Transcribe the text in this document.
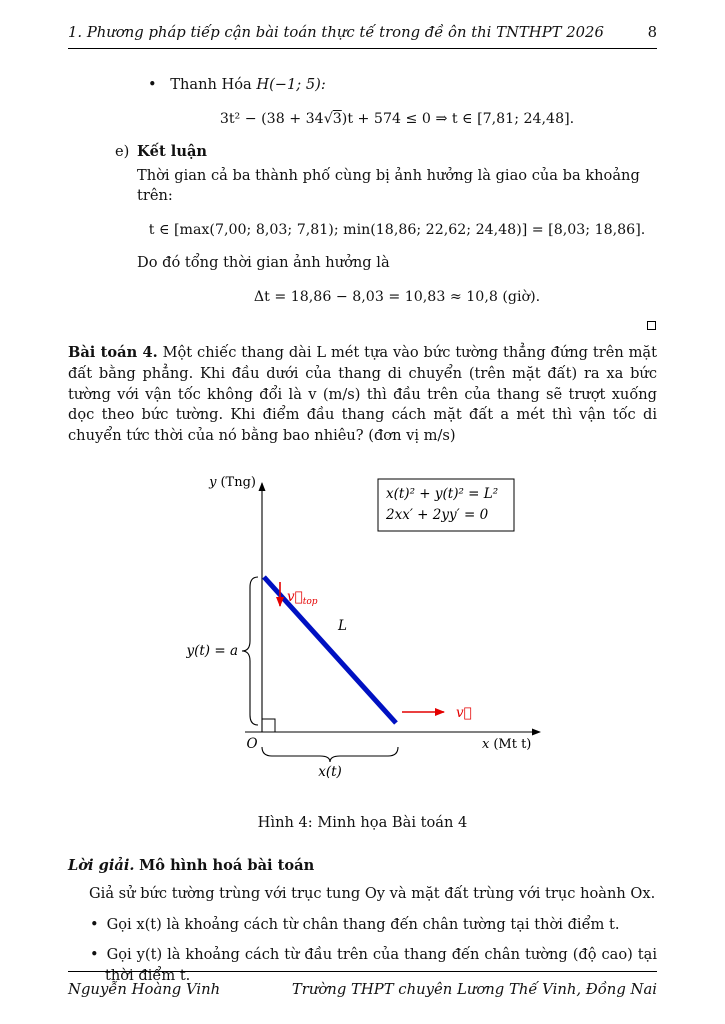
1. Phương pháp tiếp cận bài toán thực tế trong đề ôn thi TNTHPT 2026	8
• Thanh Hóa H(−1; 5):
3t² − (38 + 34√3)t + 574 ≤ 0 ⇒ t ∈ [7,81; 24,48].
e) Kết luận
Thời gian cả ba thành phố cùng bị ảnh hưởng là giao của ba khoảng trên:
t ∈ [max(7,00; 8,03; 7,81); min(18,86; 22,62; 24,48)] = [8,03; 18,86].
Do đó tổng thời gian ảnh hưởng là
Δt = 18,86 − 8,03 = 10,83 ≈ 10,8 (giờ).

Bài toán 4. Một chiếc thang dài L mét tựa vào bức tường thẳng đứng trên mặt đất bằng phẳng. Khi đầu dưới của thang di chuyển (trên mặt đất) ra xa bức tường với vận tốc không đổi là v (m/s) thì đầu trên của thang sẽ trượt xuống dọc theo bức tường. Khi điểm đầu thang cách mặt đất a mét thì vận tốc di chuyển tức thời của nó bằng bao nhiêu? (đơn vị m/s)

x(t)² + y(t)² = L²
2xx′ + 2yy′ = 0
y (Tng)
x (Mt t)
L
$v⃗_{top}$
v⃗
O
y(t) = a
x(t)
Hình 4: Minh họa Bài toán 4
Lời giải. Mô hình hoá bài toán
Giả sử bức tường trùng với trục tung Oy và mặt đất trùng với trục hoành Ox.
• Gọi x(t) là khoảng cách từ chân thang đến chân tường tại thời điểm t.
• Gọi y(t) là khoảng cách từ đầu trên của thang đến chân tường (độ cao) tại thời điểm t.
Nguyễn Hoàng Vinh	Trường THPT chuyên Lương Thế Vinh, Đồng Nai
